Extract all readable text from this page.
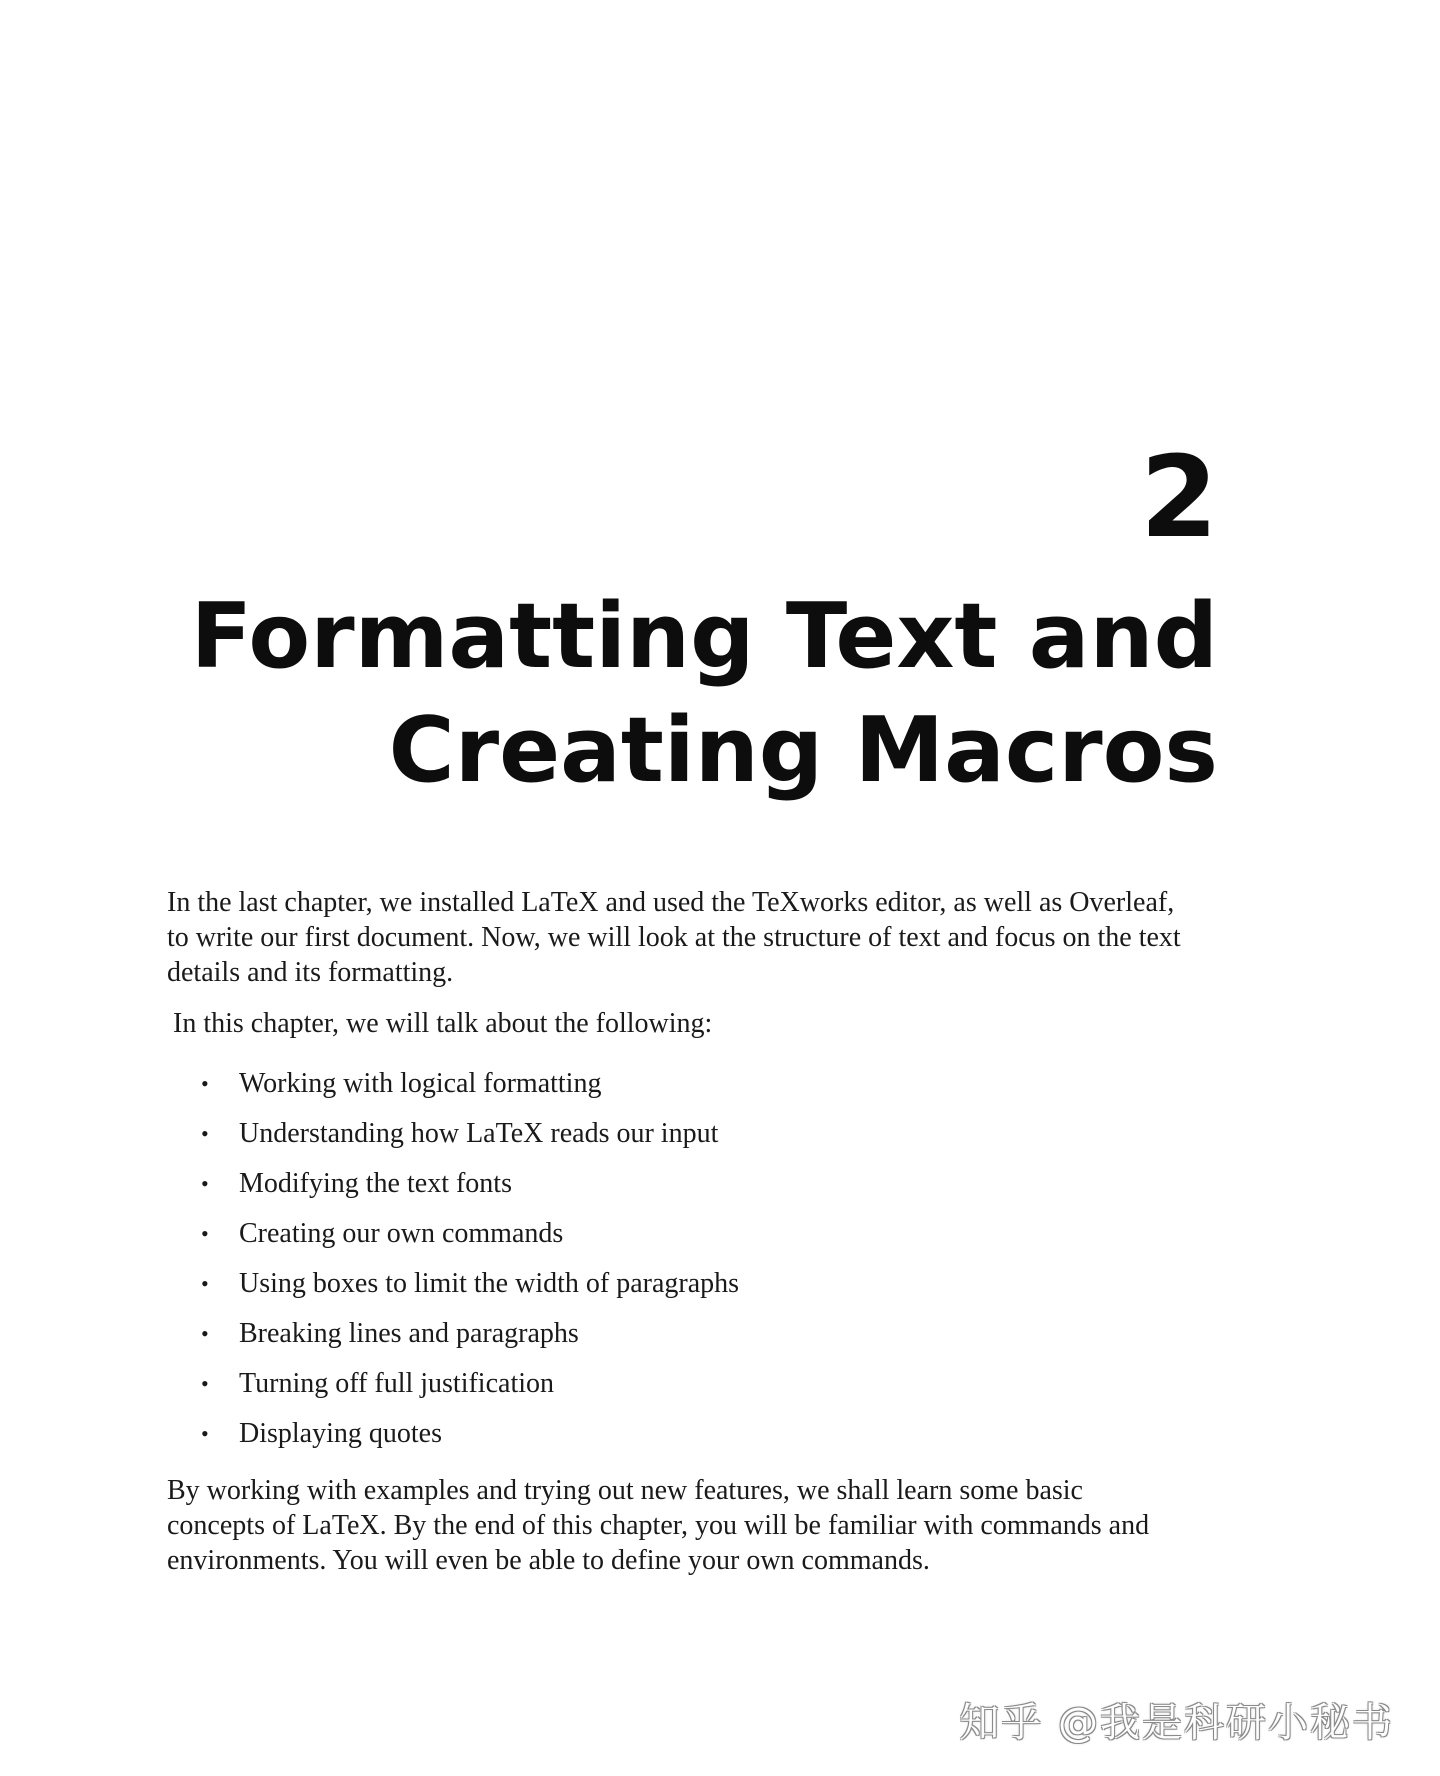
2
Formatting Text and
Creating Macros

In the last chapter, we installed LaTeX and used the TeXworks editor, as well as Overleaf,
to write our first document. Now, we will look at the structure of text and focus on the text
details and its formatting.

In this chapter, we will talk about the following:

• Working with logical formatting
• Understanding how LaTeX reads our input
• Modifying the text fonts
• Creating our own commands
• Using boxes to limit the width of paragraphs
• Breaking lines and paragraphs
• Turning off full justification
• Displaying quotes

By working with examples and trying out new features, we shall learn some basic
concepts of LaTeX. By the end of this chapter, you will be familiar with commands and
environments. You will even be able to define your own commands.

知乎 @我是科研小秘书
